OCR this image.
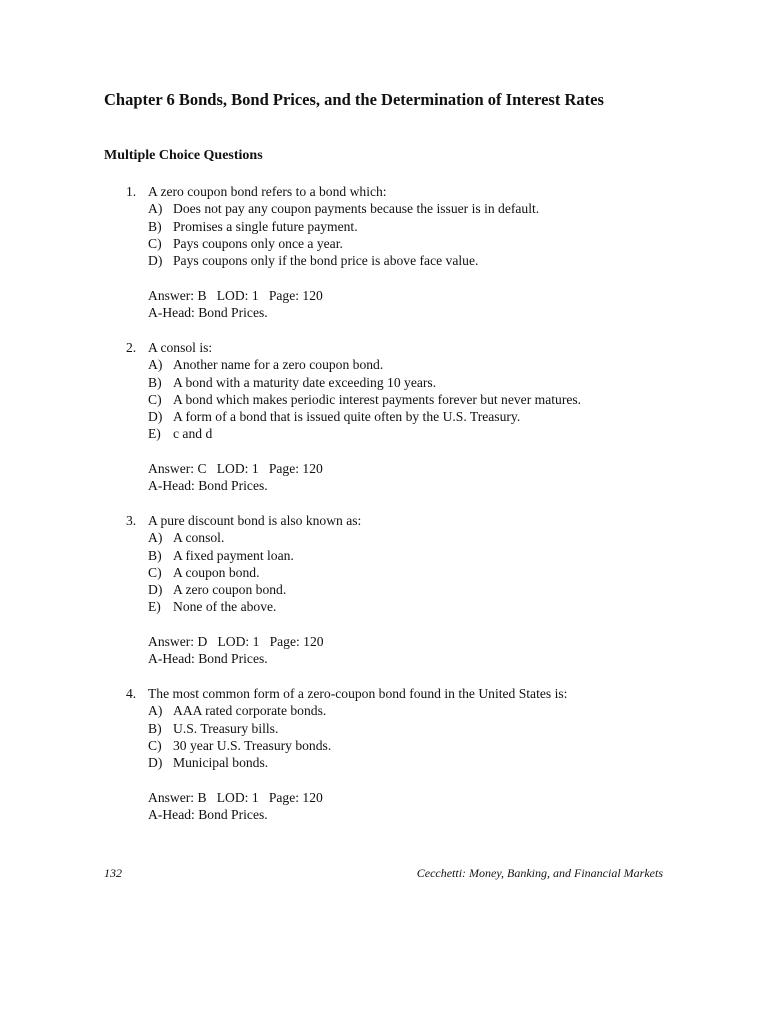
Chapter 6 Bonds, Bond Prices, and the Determination of Interest Rates
Multiple Choice Questions
1. A zero coupon bond refers to a bond which:
A) Does not pay any coupon payments because the issuer is in default.
B) Promises a single future payment.
C) Pays coupons only once a year.
D) Pays coupons only if the bond price is above face value.
Answer: B   LOD: 1   Page: 120
A-Head: Bond Prices.
2. A consol is:
A) Another name for a zero coupon bond.
B) A bond with a maturity date exceeding 10 years.
C) A bond which makes periodic interest payments forever but never matures.
D) A form of a bond that is issued quite often by the U.S. Treasury.
E) c and d
Answer: C   LOD: 1   Page: 120
A-Head: Bond Prices.
3. A pure discount bond is also known as:
A) A consol.
B) A fixed payment loan.
C) A coupon bond.
D) A zero coupon bond.
E) None of the above.
Answer: D   LOD: 1   Page: 120
A-Head: Bond Prices.
4. The most common form of a zero-coupon bond found in the United States is:
A) AAA rated corporate bonds.
B) U.S. Treasury bills.
C) 30 year U.S. Treasury bonds.
D) Municipal bonds.
Answer: B   LOD: 1   Page: 120
A-Head: Bond Prices.
132	Cecchetti: Money, Banking, and Financial Markets
